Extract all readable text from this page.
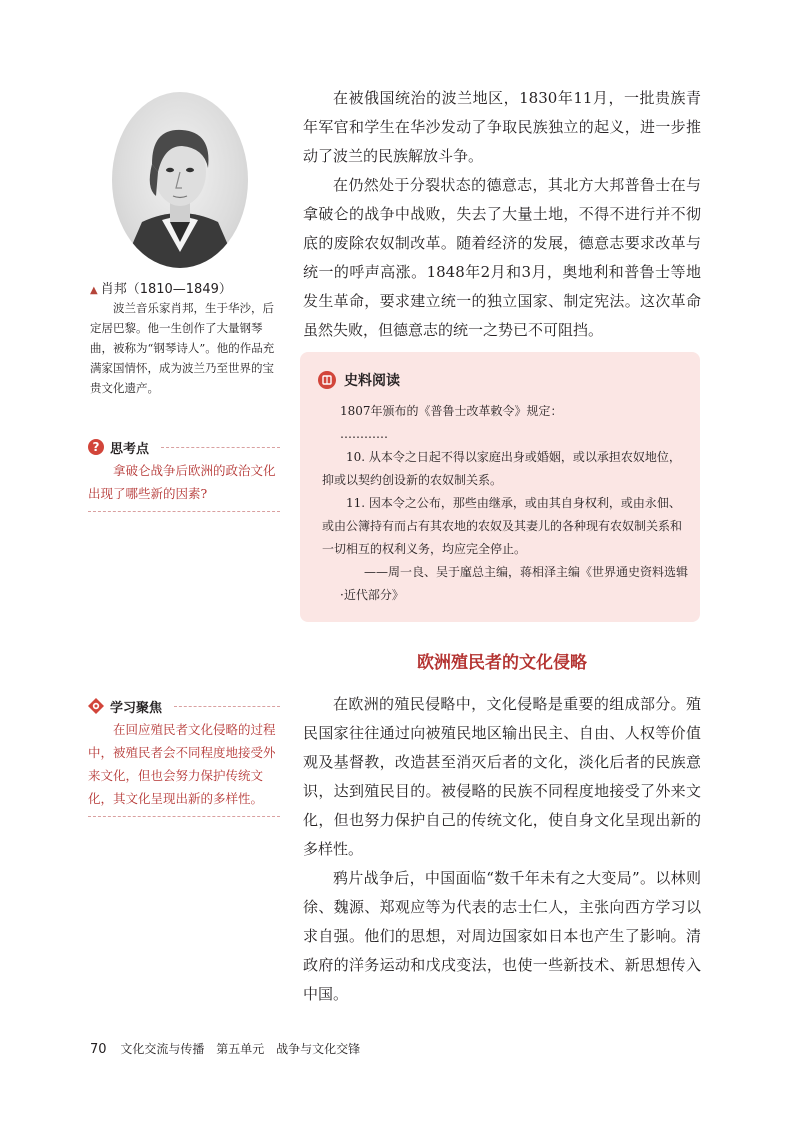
▲ 肖邦（1810—1849）
波兰音乐家肖邦，生于华沙，后定居巴黎。他一生创作了大量钢琴曲，被称为“钢琴诗人”。他的作品充满家国情怀，成为波兰乃至世界的宝贵文化遗产。
? 思考点
拿破仑战争后欧洲的政治文化出现了哪些新的因素?
学习聚焦
在回应殖民者文化侵略的过程中，被殖民者会不同程度地接受外来文化，但也会努力保护传统文化，其文化呈现出新的多样性。

在被俄国统治的波兰地区，1830年11月，一批贵族青年军官和学生在华沙发动了争取民族独立的起义，进一步推动了波兰的民族解放斗争。

在仍然处于分裂状态的德意志，其北方大邦普鲁士在与拿破仑的战争中战败，失去了大量土地，不得不进行并不彻底的废除农奴制改革。随着经济的发展，德意志要求改革与统一的呼声高涨。1848年2月和3月，奥地利和普鲁士等地发生革命，要求建立统一的独立国家、制定宪法。这次革命虽然失败，但德意志的统一之势已不可阻挡。

史料阅读

1807年颁布的《普鲁士改革敕令》规定：

…………

10. 从本令之日起不得以家庭出身或婚姻，或以承担农奴地位，抑或以契约创设新的农奴制关系。

11. 因本令之公布，那些由继承，或由其自身权利，或由永佃、或由公簿持有而占有其农地的农奴及其妻儿的各种现有农奴制关系和一切相互的权利义务，均应完全停止。

——周一良、吴于廑总主编，蒋相泽主编《世界通史资料选辑·近代部分》

欧洲殖民者的文化侵略

在欧洲的殖民侵略中，文化侵略是重要的组成部分。殖民国家往往通过向被殖民地区输出民主、自由、人权等价值观及基督教，改造甚至消灭后者的文化，淡化后者的民族意识，达到殖民目的。被侵略的民族不同程度地接受了外来文化，但也努力保护自己的传统文化，使自身文化呈现出新的多样性。

鸦片战争后，中国面临“数千年未有之大变局”。以林则徐、魏源、郑观应等为代表的志士仁人，主张向西方学习以求自强。他们的思想，对周边国家如日本也产生了影响。清政府的洋务运动和戊戌变法，也使一些新技术、新思想传入中国。

70 文化交流与传播 第五单元 战争与文化交锋
